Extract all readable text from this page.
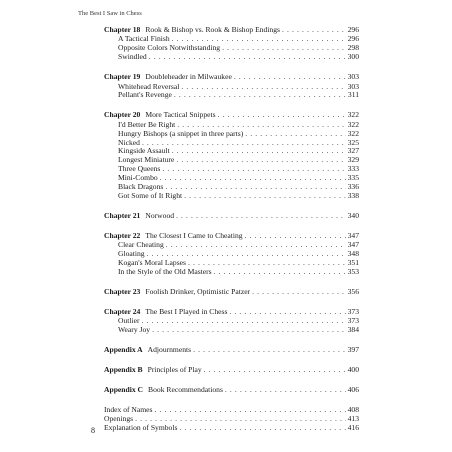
The Best I Saw in Chess
Chapter 18 Rook & Bishop vs. Rook & Bishop Endings . . .	296
A Tactical Finish . . .	296
Opposite Colors Notwithstanding . . .	298
Swindled . . .	300
Chapter 19 Doubleheader in Milwaukee . . .	303
Whitehead Reversal . . .	303
Pellant's Revenge . . .	311
Chapter 20 More Tactical Snippets . . .	322
I'd Better Be Right . . .	322
Hungry Bishops (a snippet in three parts) . . .	322
Nicked . . .	325
Kingside Assault . . .	327
Longest Miniature . . .	329
Three Queens . . .	333
Mini-Combo . . .	335
Black Dragons . . .	336
Got Some of It Right . . .	338
Chapter 21 Norwood . . .	340
Chapter 22 The Closest I Came to Cheating . . .	347
Clear Cheating . . .	347
Gloating . . .	348
Kogan's Moral Lapses . . .	351
In the Style of the Old Masters . . .	353
Chapter 23 Foolish Drinker, Optimistic Patzer . . .	356
Chapter 24 The Best I Played in Chess . . .	373
Outlier . . .	373
Weary Joy . . .	384
Appendix A Adjournments . . .	397
Appendix B Principles of Play . . .	400
Appendix C Book Recommendations . . .	406
Index of Names . . .	408
Openings . . .	413
Explanation of Symbols . . .	416
8
